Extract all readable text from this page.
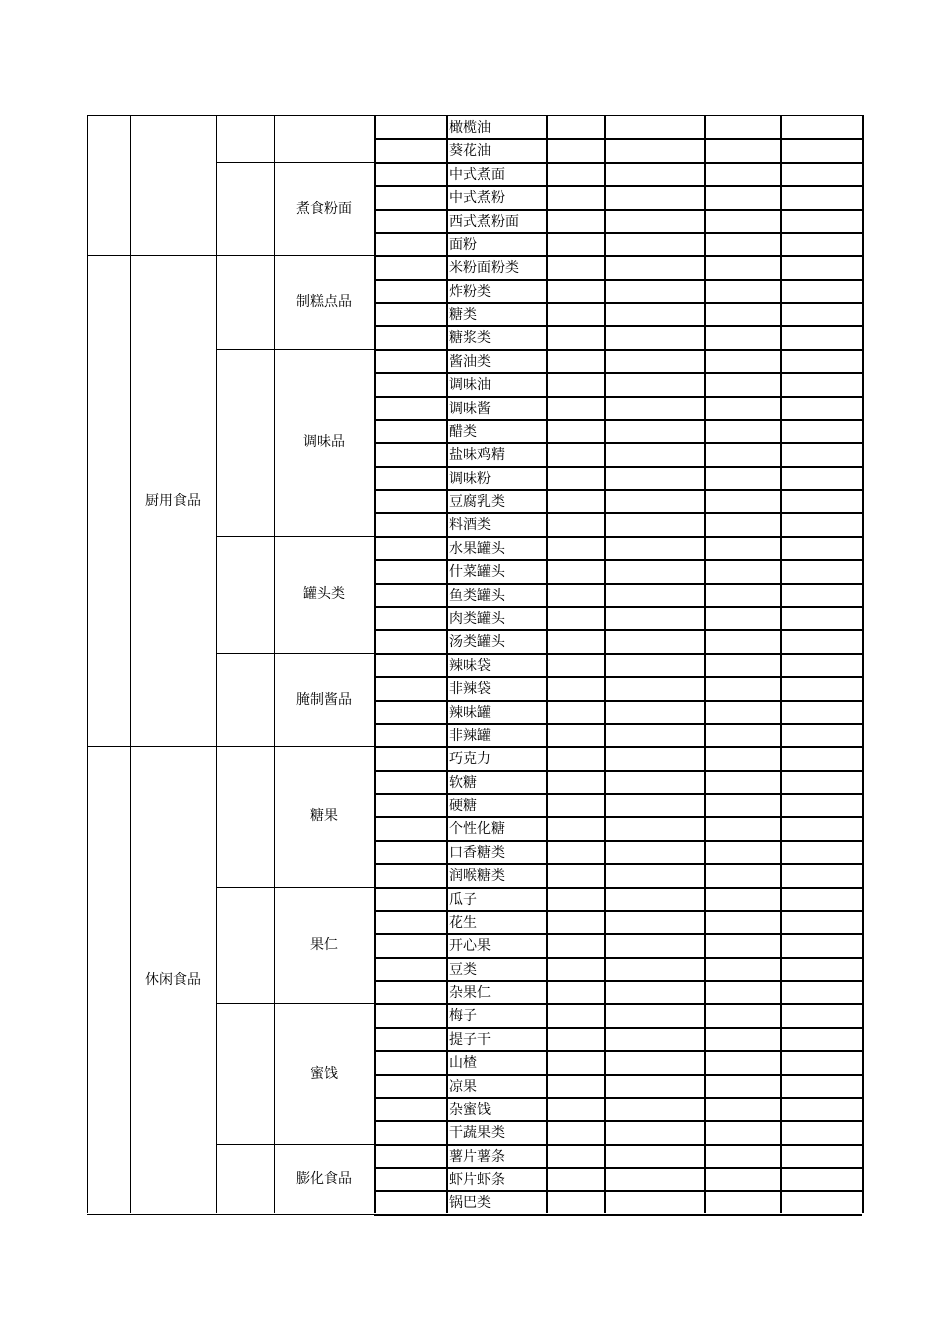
橄榄油
葵花油
中式煮面
中式煮粉
西式煮粉面
面粉
煮食粉面
米粉面粉类
炸粉类
糖类
糖浆类
制糕点品
酱油类
调味油
调味酱
醋类
盐味鸡精
调味粉
豆腐乳类
料酒类
调味品
水果罐头
什菜罐头
鱼类罐头
肉类罐头
汤类罐头
罐头类
辣味袋
非辣袋
辣味罐
非辣罐
腌制酱品
厨用食品
巧克力
软糖
硬糖
个性化糖
口香糖类
润喉糖类
糖果
瓜子
花生
开心果
豆类
杂果仁
果仁
梅子
提子干
山楂
凉果
杂蜜饯
干蔬果类
蜜饯
薯片薯条
虾片虾条
锅巴类
膨化食品
休闲食品
